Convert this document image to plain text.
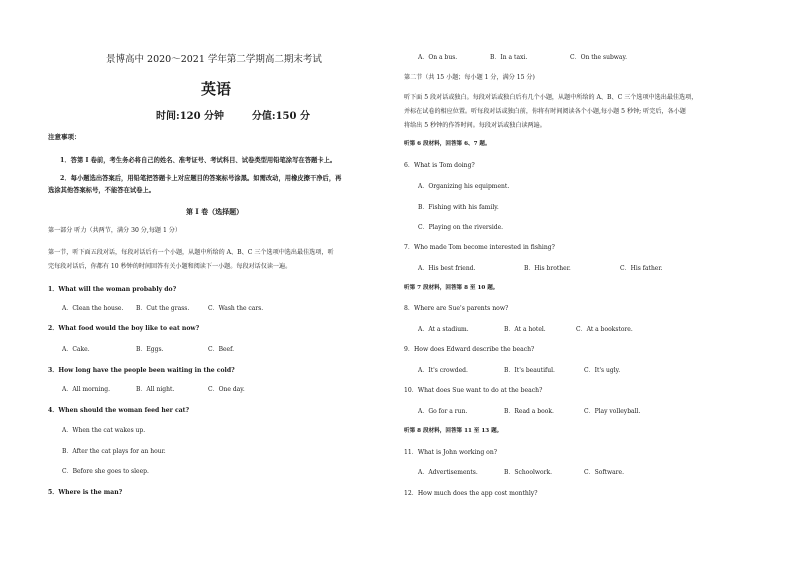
景博高中 2020～2021 学年第二学期高二期末考试
英语
时间:120 分钟        分值:150 分
注意事项：
1．答第 I 卷前，考生务必将自己的姓名、准考证号、考试科目、试卷类型用铅笔涂写在答题卡上。
2．每小题选出答案后，用铅笔把答题卡上对应题目的答案标号涂黑。如需改动，用橡皮擦干净后，再
选涂其他答案标号，不能答在试卷上。
第 I 卷（选择题）
第一部分 听力（共两节，满分 30 分,每题 1 分）
第一节，听下面五段对话，每段对话后有一个小题，从题中所给的 A、B、C 三个选项中选出最佳选项，听
完每段对话后，你都有 10 秒钟的时间回答有关小题和阅读下一小题。每段对话仅读一遍。
1．What will the woman probably do?
A．Clean the house. B．Cut the grass.	C．Wash the cars.
2．What food would the boy like to eat now?
A．Cake.	B．Eggs.	C．Beef.
3．How long have the people been waiting in the cold?
A．All morning.	B．All night.	C．One day.
4．When should the woman feed her cat?
A．When the cat wakes up.
B．After the cat plays for an hour.
C．Before she goes to sleep.
5．Where is the man?
A．On a bus.	B．In a taxi.	C．On the subway.
第二节（共 15 小题；每小题 1 分，满分 15 分)
听下面 5 段对话或独白。每段对话或独白后有几个小题，从题中所给的 A、B、C 三个选项中选出最佳选项，
并标在试卷的相应位置。听每段对话或独白前，你将有时间阅读各个小题,每小题 5 秒钟; 听完后，各小题
将给出 5 秒钟的作答时间。每段对话或独白读两遍。
听第 6 段材料，回答第 6、7 题。
6．What is Tom doing?
A．Organizing his equipment.
B．Fishing with his family.
C．Playing on the riverside.
7．Who made Tom become interested in fishing?
A．His best friend.	B．His brother.	C．His father.
听第 7 段材料，回答第 8 至 10 题。
8．Where are Sue's parents now?
A．At a stadium.	B．At a hotel.	C．At a bookstore.
9．How does Edward describe the beach?
A．It's crowded.	B．It's beautiful.	C．It's ugly.
10．What does Sue want to do at the beach?
A．Go for a run.	B．Read a book.	C．Play volleyball.
听第 8 段材料，回答第 11 至 13 题。
11．What is John working on?
A．Advertisements.	B．Schoolwork.	C．Software.
12．How much does the app cost monthly?
